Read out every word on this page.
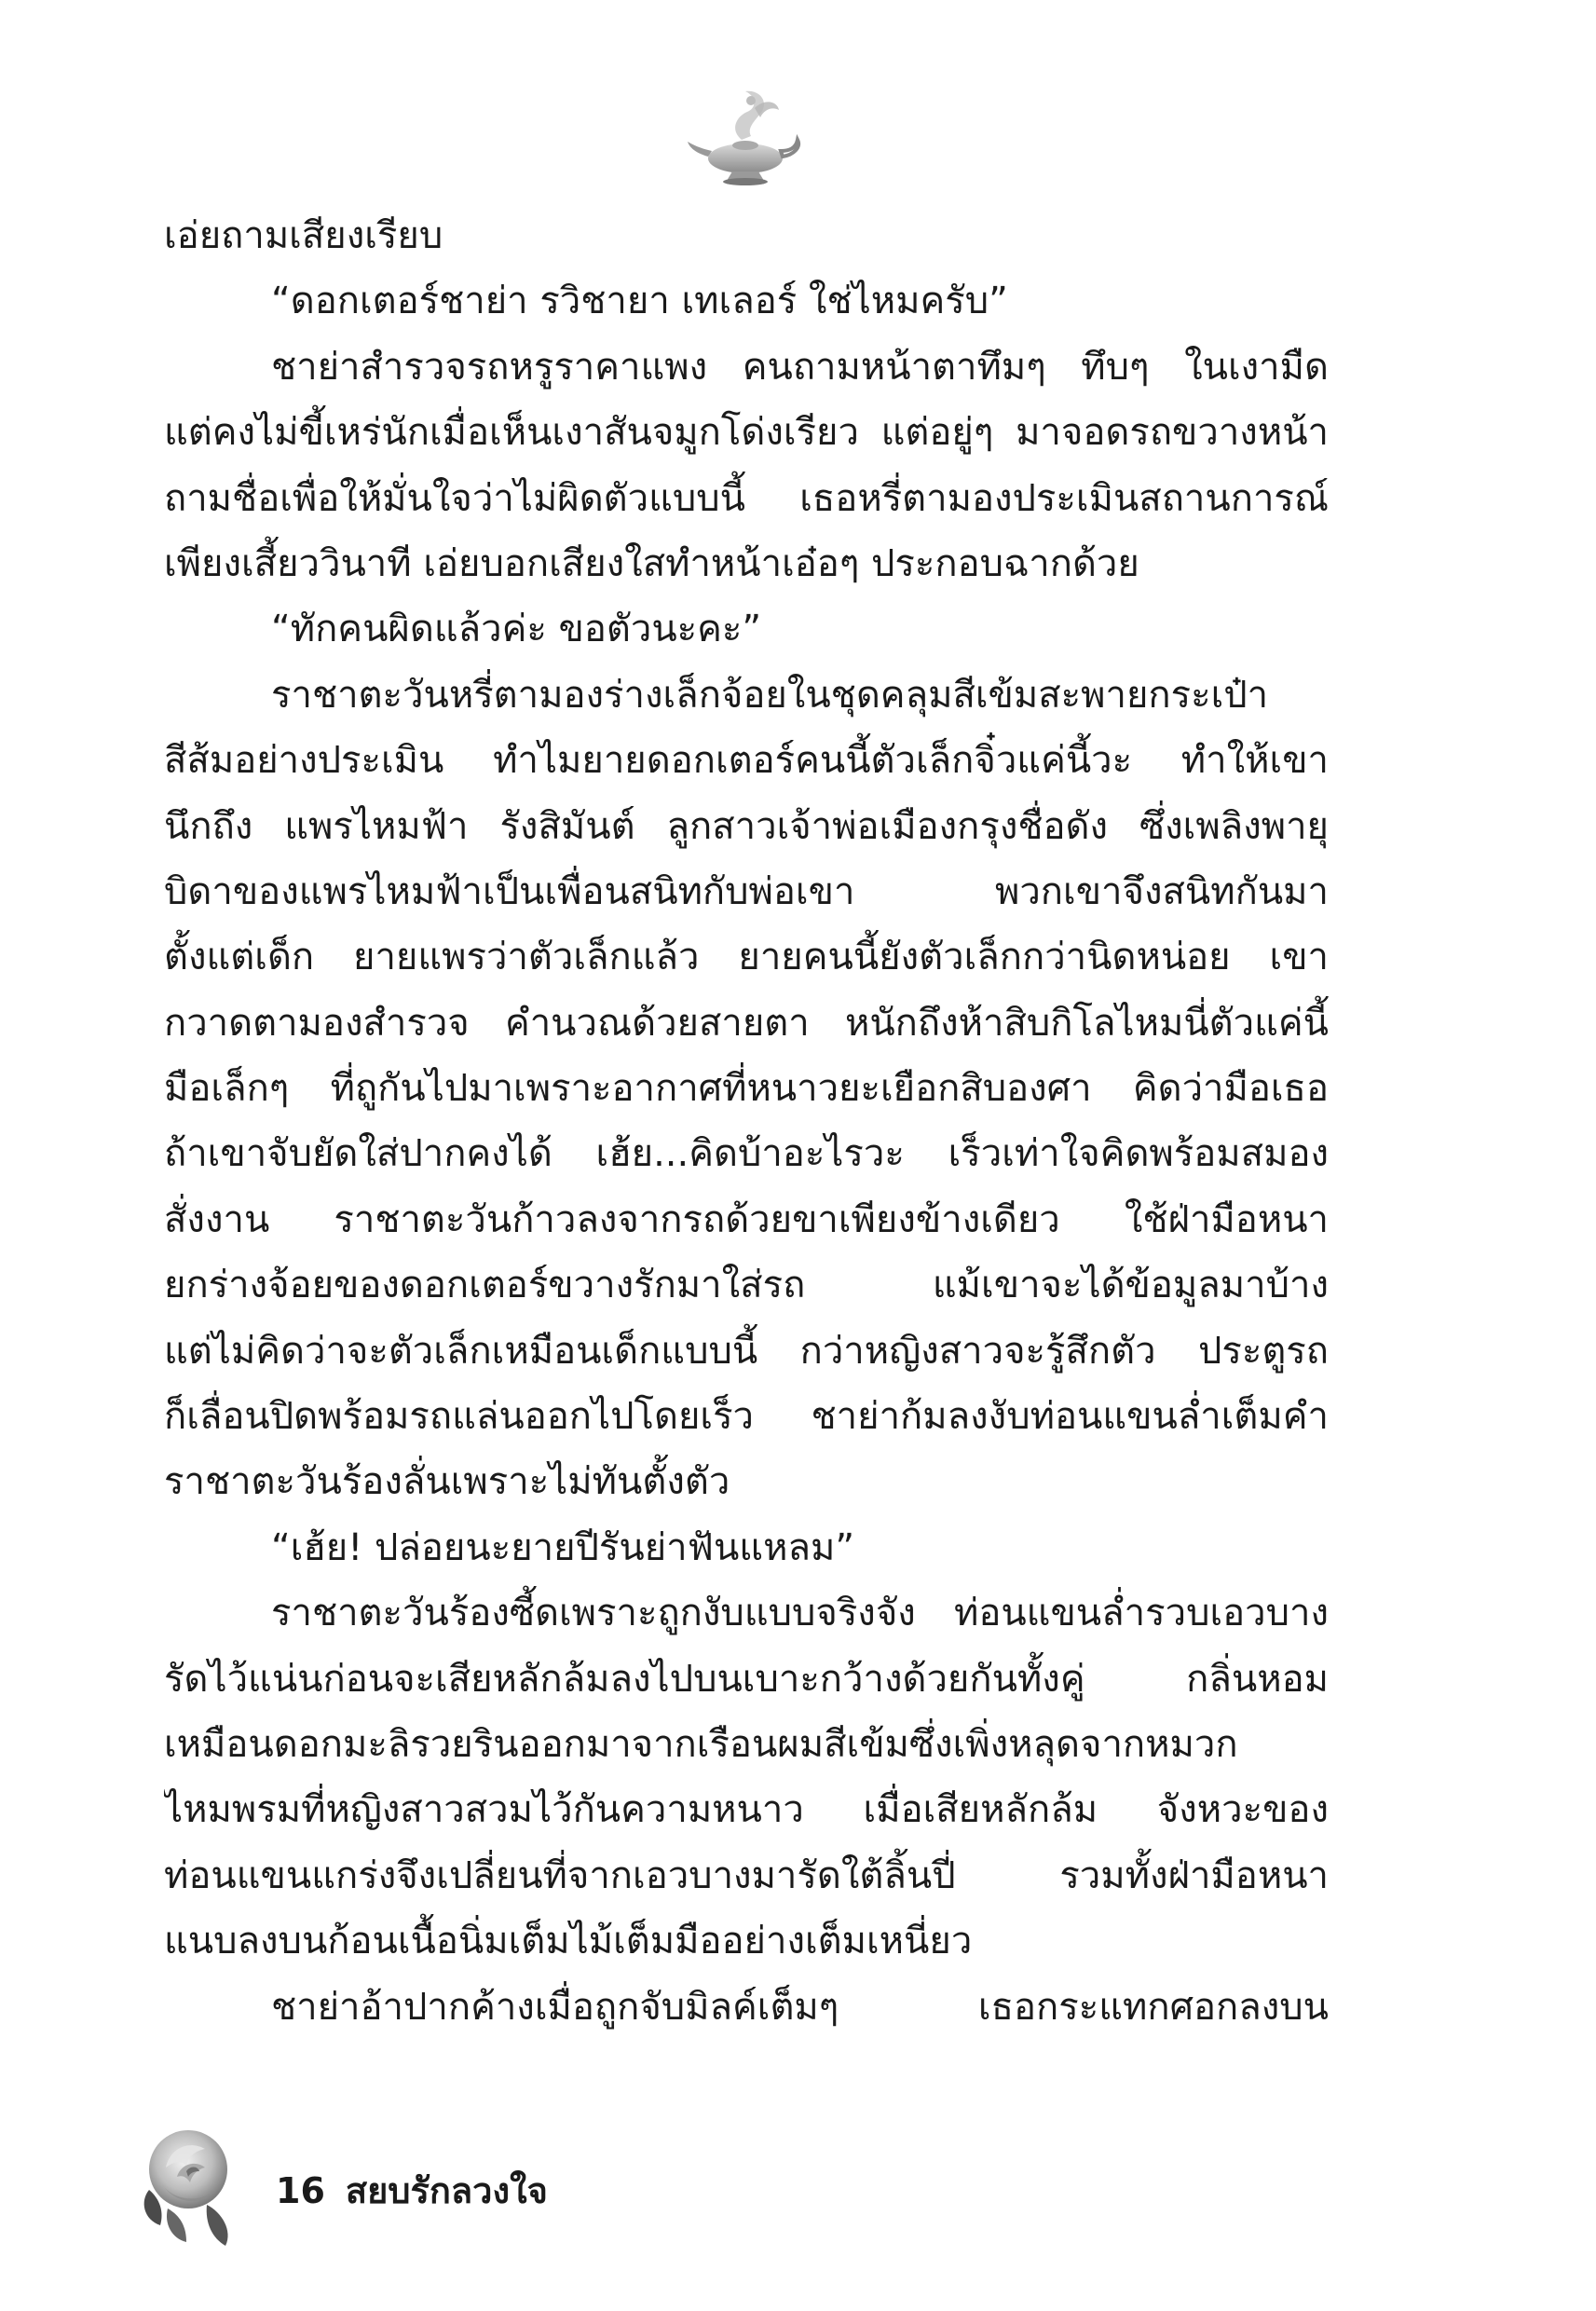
เอ่ยถามเสียงเรียบ
“ดอกเตอร์ชาย่า รวิชายา เทเลอร์ ใช่ไหมครับ”
ชาย่าสำรวจรถหรูราคาแพง คนถามหน้าตาทึมๆ ทึบๆ ในเงามืด
แต่คงไม่ขี้เหร่นักเมื่อเห็นเงาสันจมูกโด่งเรียว แต่อยู่ๆ มาจอดรถขวางหน้า
ถามชื่อเพื่อให้มั่นใจว่าไม่ผิดตัวแบบนี้ เธอหรี่ตามองประเมินสถานการณ์
เพียงเสี้ยววินาที เอ่ยบอกเสียงใสทำหน้าเอ๋อๆ ประกอบฉากด้วย
“ทักคนผิดแล้วค่ะ ขอตัวนะคะ”
ราชาตะวันหรี่ตามองร่างเล็กจ้อยในชุดคลุมสีเข้มสะพายกระเป๋า
สีส้มอย่างประเมิน ทำไมยายดอกเตอร์คนนี้ตัวเล็กจิ๋วแค่นี้วะ ทำให้เขา
นึกถึง แพรไหมฟ้า รังสิมันต์ ลูกสาวเจ้าพ่อเมืองกรุงชื่อดัง ซึ่งเพลิงพายุ
บิดาของแพรไหมฟ้าเป็นเพื่อนสนิทกับพ่อเขา พวกเขาจึงสนิทกันมา
ตั้งแต่เด็ก ยายแพรว่าตัวเล็กแล้ว ยายคนนี้ยังตัวเล็กกว่านิดหน่อย เขา
กวาดตามองสำรวจ คำนวณด้วยสายตา หนักถึงห้าสิบกิโลไหมนี่ตัวแค่นี้
มือเล็กๆ ที่ถูกันไปมาเพราะอากาศที่หนาวยะเยือกสิบองศา คิดว่ามือเธอ
ถ้าเขาจับยัดใส่ปากคงได้ เฮ้ย...คิดบ้าอะไรวะ เร็วเท่าใจคิดพร้อมสมอง
สั่งงาน ราชาตะวันก้าวลงจากรถด้วยขาเพียงข้างเดียว ใช้ฝ่ามือหนา
ยกร่างจ้อยของดอกเตอร์ขวางรักมาใส่รถ แม้เขาจะได้ข้อมูลมาบ้าง
แต่ไม่คิดว่าจะตัวเล็กเหมือนเด็กแบบนี้ กว่าหญิงสาวจะรู้สึกตัว ประตูรถ
ก็เลื่อนปิดพร้อมรถแล่นออกไปโดยเร็ว ชาย่าก้มลงงับท่อนแขนล่ำเต็มคำ
ราชาตะวันร้องลั่นเพราะไม่ทันตั้งตัว
“เฮ้ย! ปล่อยนะยายปีรันย่าฟันแหลม”
ราชาตะวันร้องซี้ดเพราะถูกงับแบบจริงจัง ท่อนแขนล่ำรวบเอวบาง
รัดไว้แน่นก่อนจะเสียหลักล้มลงไปบนเบาะกว้างด้วยกันทั้งคู่ กลิ่นหอม
เหมือนดอกมะลิรวยรินออกมาจากเรือนผมสีเข้มซึ่งเพิ่งหลุดจากหมวก
ไหมพรมที่หญิงสาวสวมไว้กันความหนาว เมื่อเสียหลักล้ม จังหวะของ
ท่อนแขนแกร่งจึงเปลี่ยนที่จากเอวบางมารัดใต้ลิ้นปี่ รวมทั้งฝ่ามือหนา
แนบลงบนก้อนเนื้อนิ่มเต็มไม้เต็มมืออย่างเต็มเหนี่ยว
ชาย่าอ้าปากค้างเมื่อถูกจับมิลค์เต็มๆ เธอกระแทกศอกลงบน
16 สยบรักลวงใจ
